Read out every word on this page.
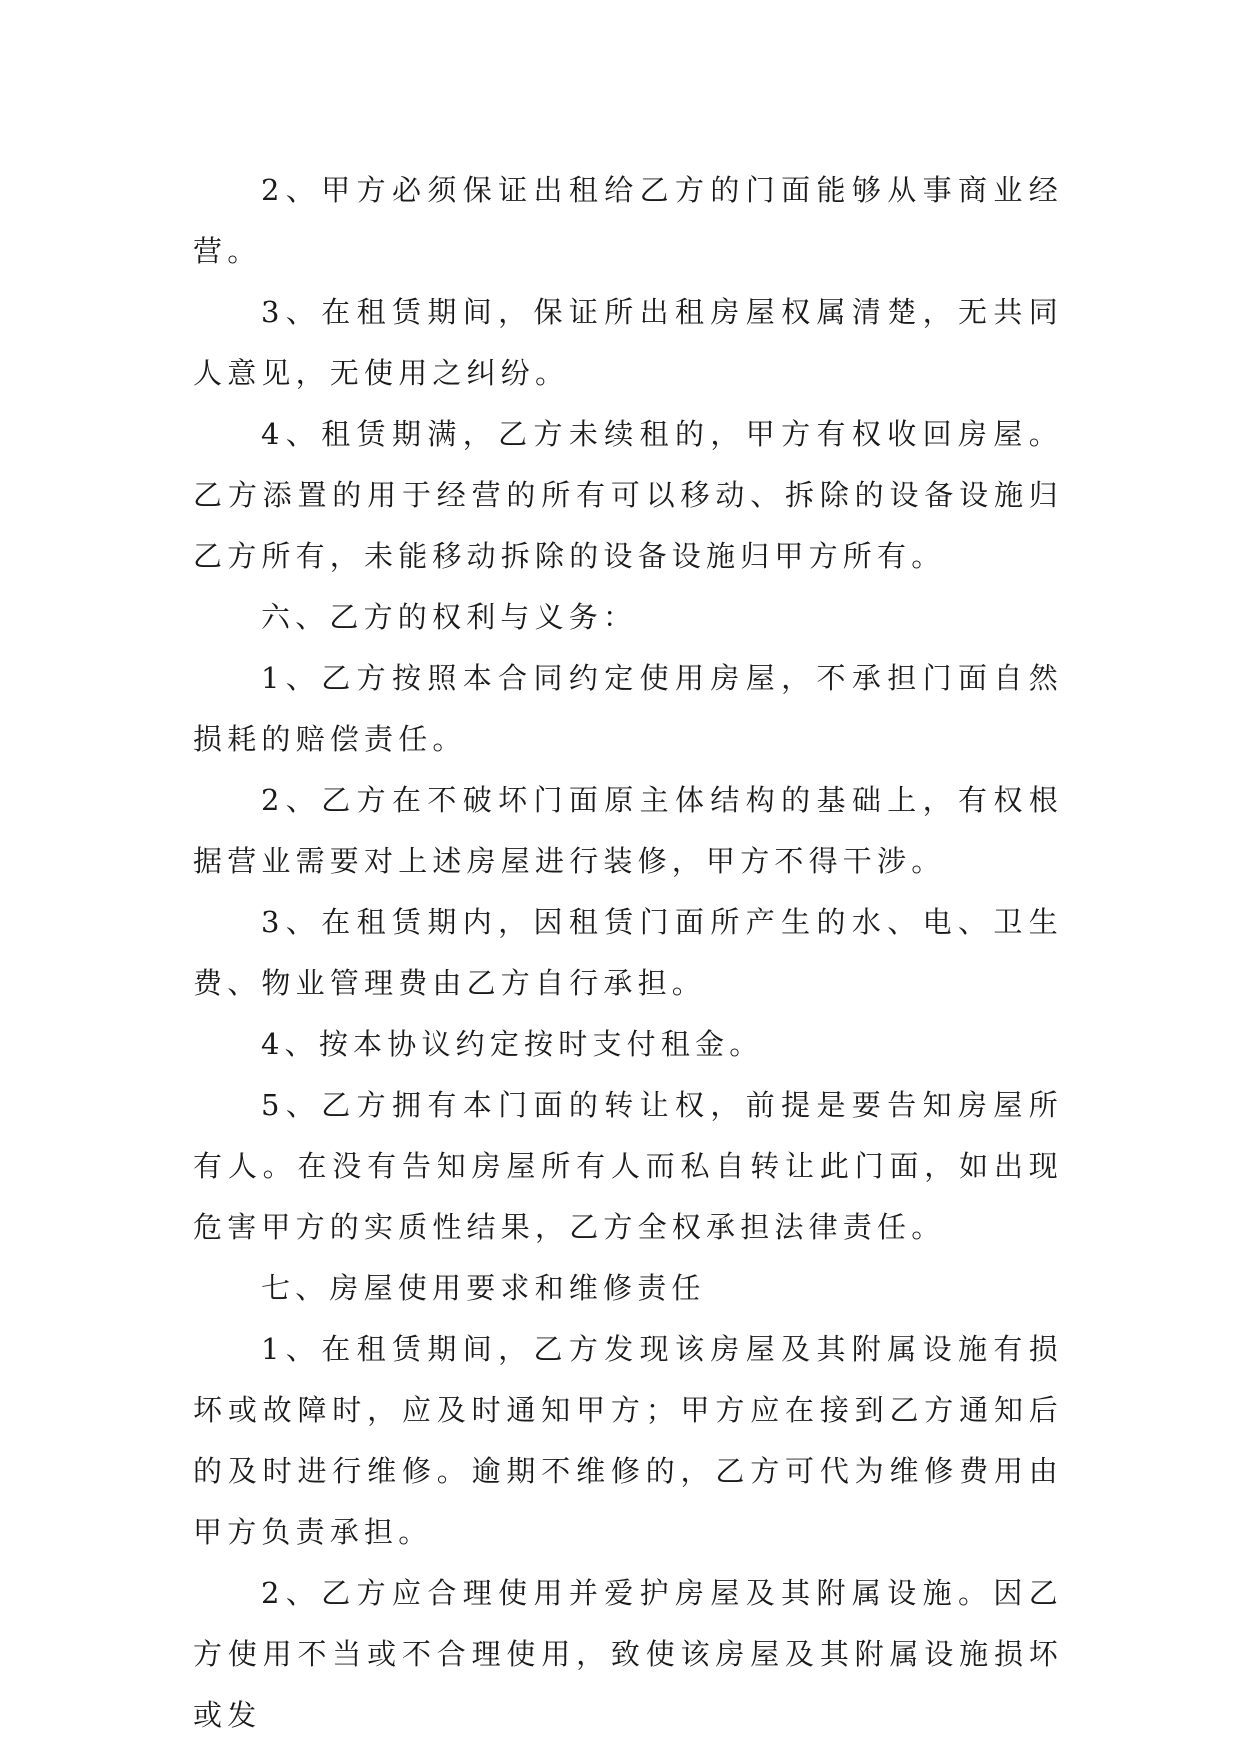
2、甲方必须保证出租给乙方的门面能够从事商业经营。

3、在租赁期间，保证所出租房屋权属清楚，无共同人意见，无使用之纠纷。

4、租赁期满，乙方未续租的，甲方有权收回房屋。乙方添置的用于经营的所有可以移动、拆除的设备设施归乙方所有，未能移动拆除的设备设施归甲方所有。

六、乙方的权利与义务：

1、乙方按照本合同约定使用房屋，不承担门面自然损耗的赔偿责任。

2、乙方在不破坏门面原主体结构的基础上，有权根据营业需要对上述房屋进行装修，甲方不得干涉。

3、在租赁期内，因租赁门面所产生的水、电、卫生费、物业管理费由乙方自行承担。

4、按本协议约定按时支付租金。

5、乙方拥有本门面的转让权，前提是要告知房屋所有人。在没有告知房屋所有人而私自转让此门面，如出现危害甲方的实质性结果，乙方全权承担法律责任。

七、房屋使用要求和维修责任

1、在租赁期间，乙方发现该房屋及其附属设施有损坏或故障时，应及时通知甲方；甲方应在接到乙方通知后的及时进行维修。逾期不维修的，乙方可代为维修费用由甲方负责承担。

2、乙方应合理使用并爱护房屋及其附属设施。因乙方使用不当或不合理使用，致使该房屋及其附属设施损坏或发
